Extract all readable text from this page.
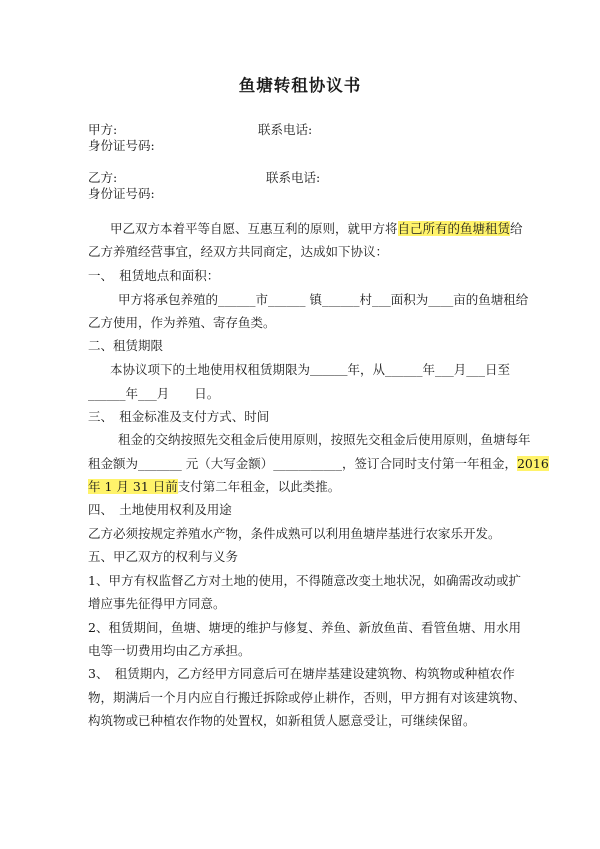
鱼塘转租协议书
甲方:	联系电话:
身份证号码:
乙方:	联系电话:
身份证号码:
甲乙双方本着平等自愿、互惠互利的原则，就甲方将自己所有的鱼塘租赁给
乙方养殖经营事宜，经双方共同商定，达成如下协议：
一、　租赁地点和面积：
甲方将承包养殖的______市______ 镇______村___面积为____亩的鱼塘租给
乙方使用，作为养殖、寄存鱼类。
二、租赁期限
本协议项下的土地使用权租赁期限为＿＿＿年，从______年___月___日至
______年___月　　日。
三、　租金标准及支付方式、时间
租金的交纳按照先交租金后使用原则，按照先交租金后使用原则，鱼塘每年
租金额为_______ 元（大写金额）___________，签订合同时支付第一年租金，2016
年 1 月 31 日前支付第二年租金，以此类推。
四、　土地使用权利及用途
乙方必须按规定养殖水产物，条件成熟可以利用鱼塘岸基进行农家乐开发。
五、甲乙双方的权利与义务
1、甲方有权监督乙方对土地的使用，不得随意改变土地状况，如确需改动或扩
增应事先征得甲方同意。
2、租赁期间，鱼塘、塘埂的维护与修复、养鱼、新放鱼苗、看管鱼塘、用水用
电等一切费用均由乙方承担。
3、　租赁期内，乙方经甲方同意后可在塘岸基建设建筑物、构筑物或种植农作
物，期满后一个月内应自行搬迁拆除或停止耕作，否则，甲方拥有对该建筑物、
构筑物或已种植农作物的处置权，如新租赁人愿意受让，可继续保留。
